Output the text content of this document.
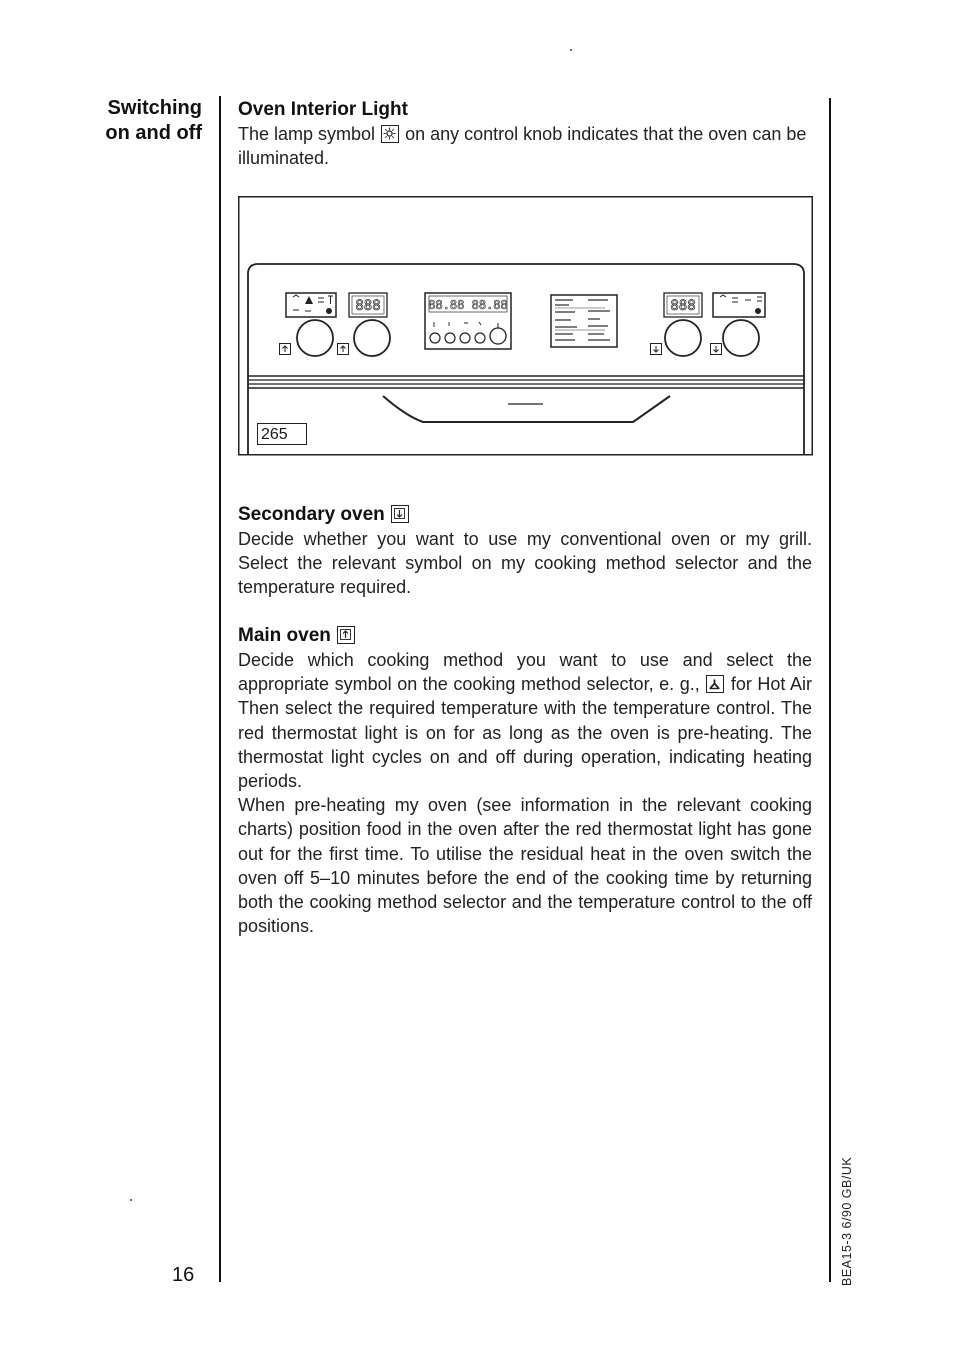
Switching
on and off
Oven Interior Light
The lamp symbol on any control knob indicates that the oven can be illuminated.
888	88.88 88.88	888
265
Secondary oven
Decide whether you want to use my conventional oven or my grill. Select the relevant symbol on my cooking method selector and the temperature required.
Main oven
Decide which cooking method you want to use and select the appropriate symbol on the cooking method selector, e. g., for Hot Air Then select the required temperature with the temperature control. The red thermostat light is on for as long as the oven is pre-heating. The thermostat light cycles on and off during operation, indicating heating periods.
When pre-heating my oven (see information in the relevant cooking charts) position food in the oven after the red thermostat light has gone out for the first time. To utilise the residual heat in the oven switch the oven off 5–10 minutes before the end of the cooking time by returning both the cooking method selector and the temperature control to the off positions.
16	BEA15-3 6/90 GB/UK
